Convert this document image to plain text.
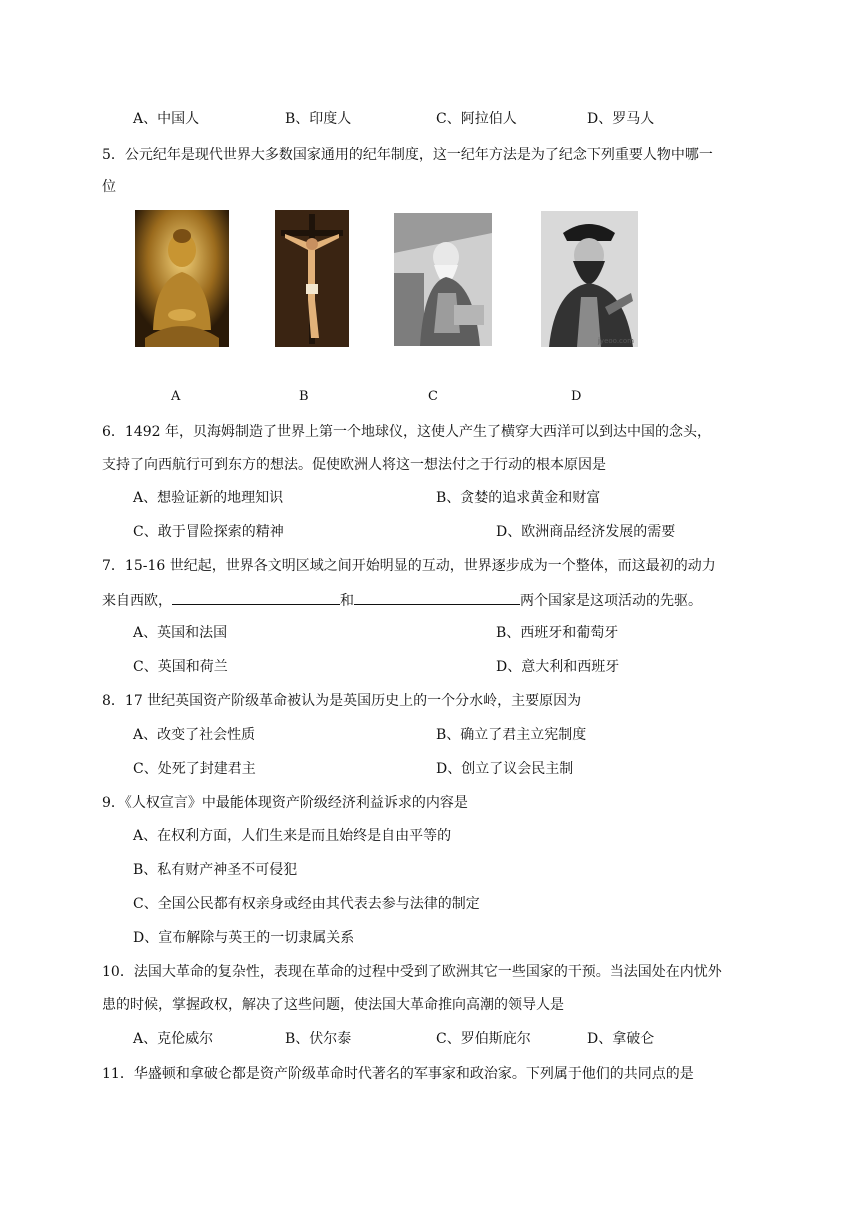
A、中国人	B、印度人	C、阿拉伯人	D、罗马人
5．公元纪年是现代世界大多数国家通用的纪年制度，这一纪年方法是为了纪念下列重要人物中哪一
位
jyeoo.com
A	B	C	D
6．1492 年，贝海姆制造了世界上第一个地球仪，这使人产生了横穿大西洋可以到达中国的念头，
支持了向西航行可到东方的想法。促使欧洲人将这一想法付之于行动的根本原因是
A、想验证新的地理知识	B、贪婪的追求黄金和财富
C、敢于冒险探索的精神	D、欧洲商品经济发展的需要
7．15-16 世纪起，世界各文明区域之间开始明显的互动，世界逐步成为一个整体，而这最初的动力
来自西欧，	和	两个国家是这项活动的先驱。
A、英国和法国	B、西班牙和葡萄牙
C、英国和荷兰	D、意大利和西班牙
8．17 世纪英国资产阶级革命被认为是英国历史上的一个分水岭，主要原因为
A、改变了社会性质	B、确立了君主立宪制度
C、处死了封建君主	D、创立了议会民主制
9．《人权宣言》中最能体现资产阶级经济利益诉求的内容是
A、在权利方面，人们生来是而且始终是自由平等的
B、私有财产神圣不可侵犯
C、全国公民都有权亲身或经由其代表去参与法律的制定
D、宣布解除与英王的一切隶属关系
10．法国大革命的复杂性，表现在革命的过程中受到了欧洲其它一些国家的干预。当法国处在内忧外
患的时候，掌握政权，解决了这些问题，使法国大革命推向高潮的领导人是
A、克伦威尔	B、伏尔泰	C、罗伯斯庇尔	D、拿破仑
11．华盛顿和拿破仑都是资产阶级革命时代著名的军事家和政治家。下列属于他们的共同点的是
